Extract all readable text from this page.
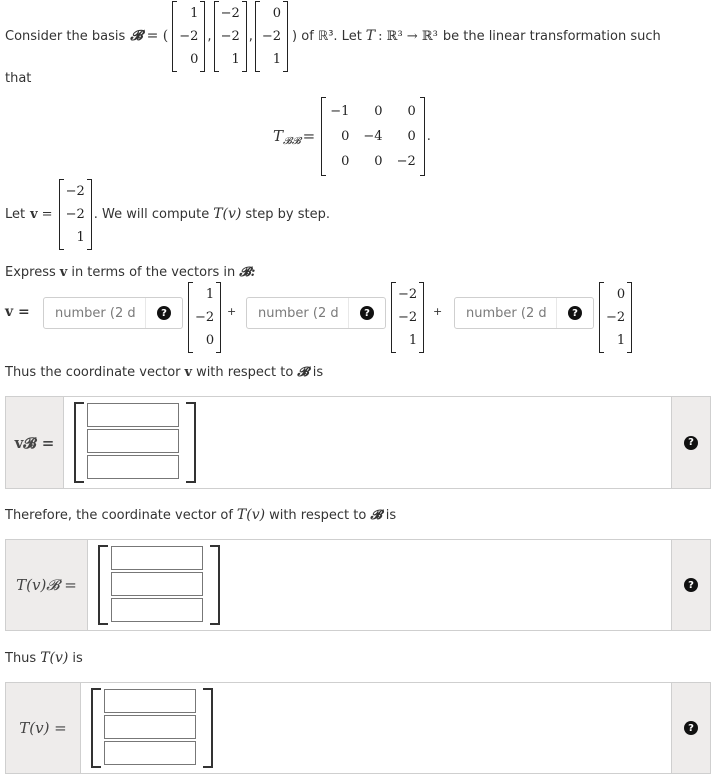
Consider the basis 𝓑 = (
1
−2
0
,
−2
−2
1
,
0
−2
1
) of ℝ³. Let T : ℝ³ → ℝ³ be the linear transformation such
that
T 𝓑𝓑 =
−1	0	0
0 −4	0
0	0 −2
.
Let v =
−2
−2
1
. We will compute T(v) step by step.
Express v in terms of the vectors in 𝓑:
v =
number (2 d	?
1
−2
0
+
number (2 d	?
−2
−2
1
+
number (2 d	?
0
−2
1
Thus the coordinate vector v with respect to 𝓑 is
v𝓑 =	?
Therefore, the coordinate vector of T(v) with respect to 𝓑 is
T(v)𝓑 =	?
Thus T(v) is
T(v) =	?
